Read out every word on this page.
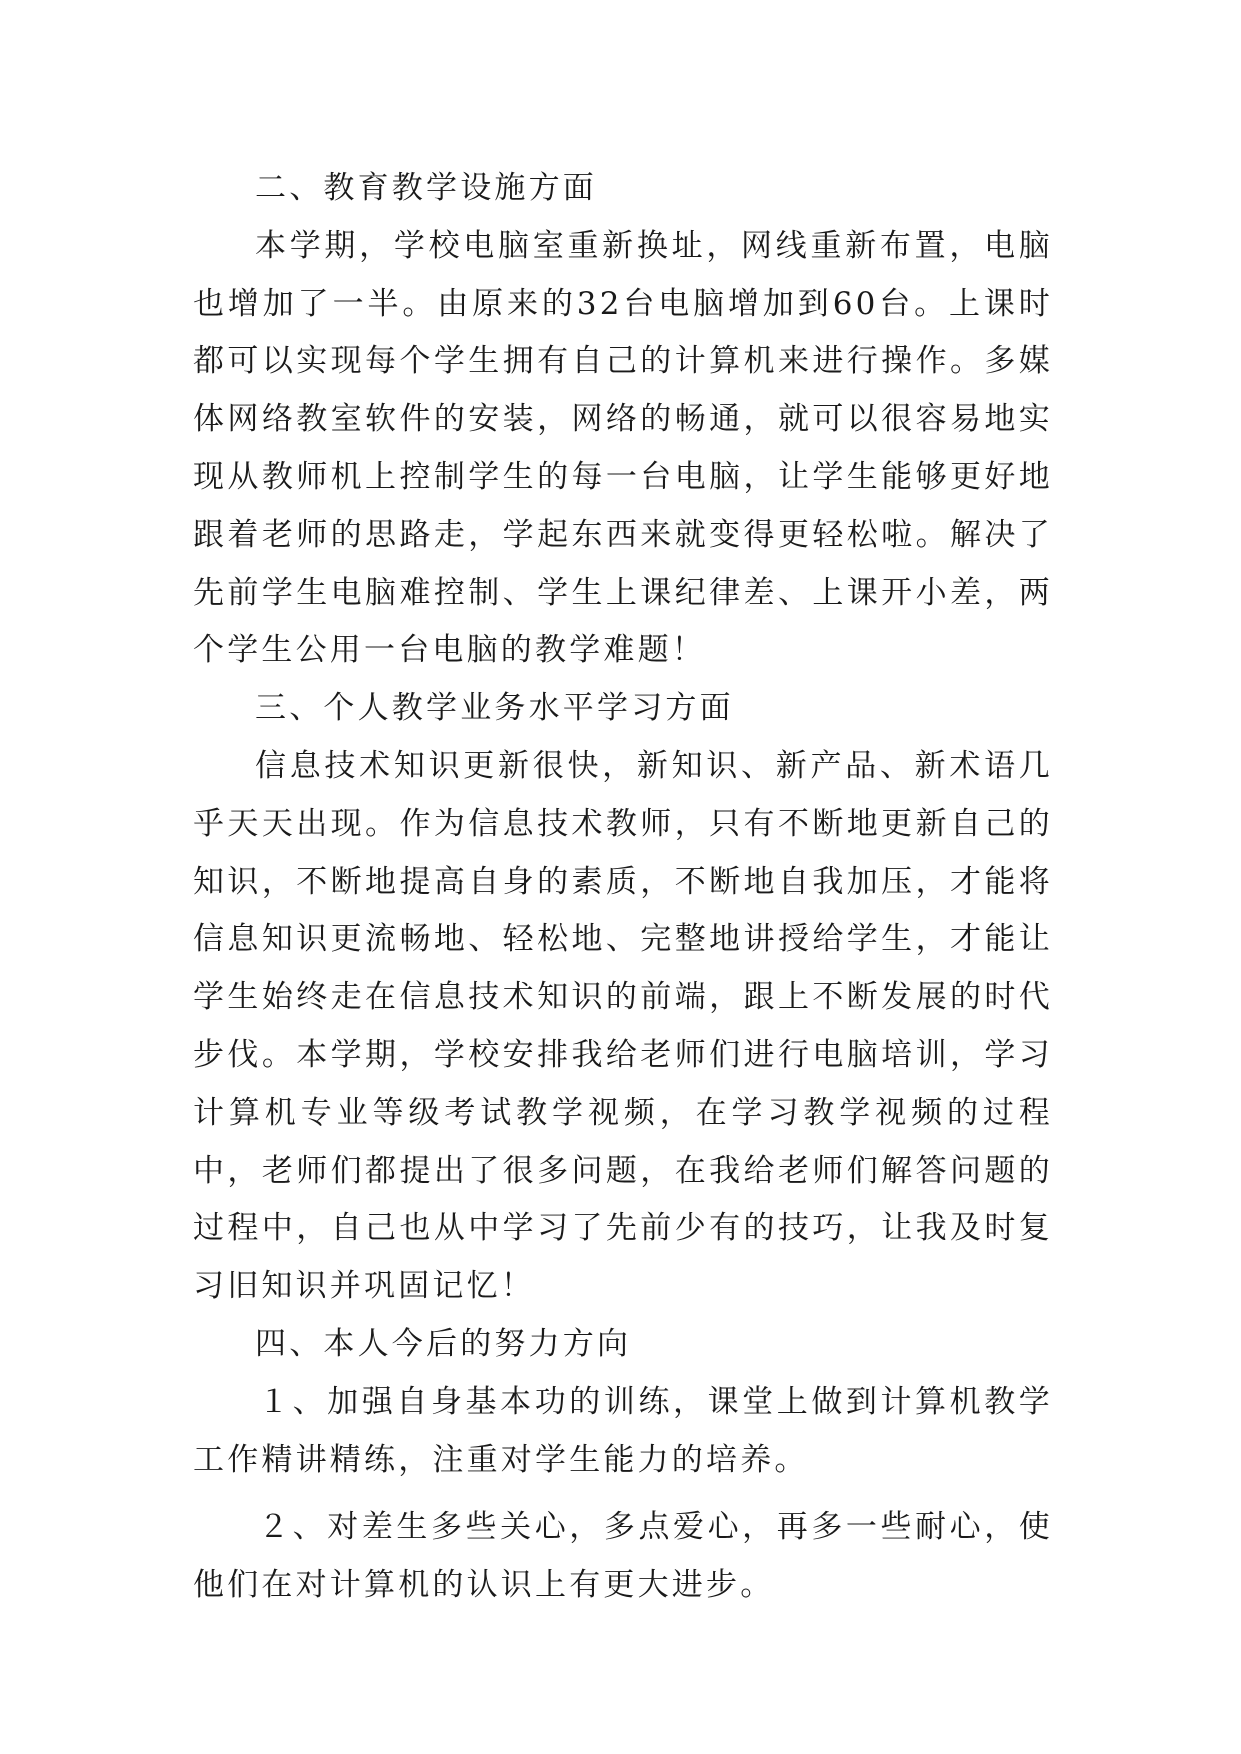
二、教育教学设施方面

本学期，学校电脑室重新换址，网线重新布置，电脑也增加了一半。由原来的32台电脑增加到60台。上课时都可以实现每个学生拥有自己的计算机来进行操作。多媒体网络教室软件的安装，网络的畅通，就可以很容易地实现从教师机上控制学生的每一台电脑，让学生能够更好地跟着老师的思路走，学起东西来就变得更轻松啦。解决了先前学生电脑难控制、学生上课纪律差、上课开小差，两个学生公用一台电脑的教学难题！

三、个人教学业务水平学习方面

信息技术知识更新很快，新知识、新产品、新术语几乎天天出现。作为信息技术教师，只有不断地更新自己的知识，不断地提高自身的素质，不断地自我加压，才能将信息知识更流畅地、轻松地、完整地讲授给学生，才能让学生始终走在信息技术知识的前端，跟上不断发展的时代步伐。本学期，学校安排我给老师们进行电脑培训，学习计算机专业等级考试教学视频，在学习教学视频的过程中，老师们都提出了很多问题，在我给老师们解答问题的过程中，自己也从中学习了先前少有的技巧，让我及时复习旧知识并巩固记忆！

四、本人今后的努力方向

１、加强自身基本功的训练，课堂上做到计算机教学工作精讲精练，注重对学生能力的培养。

２、对差生多些关心，多点爱心，再多一些耐心，使他们在对计算机的认识上有更大进步。
